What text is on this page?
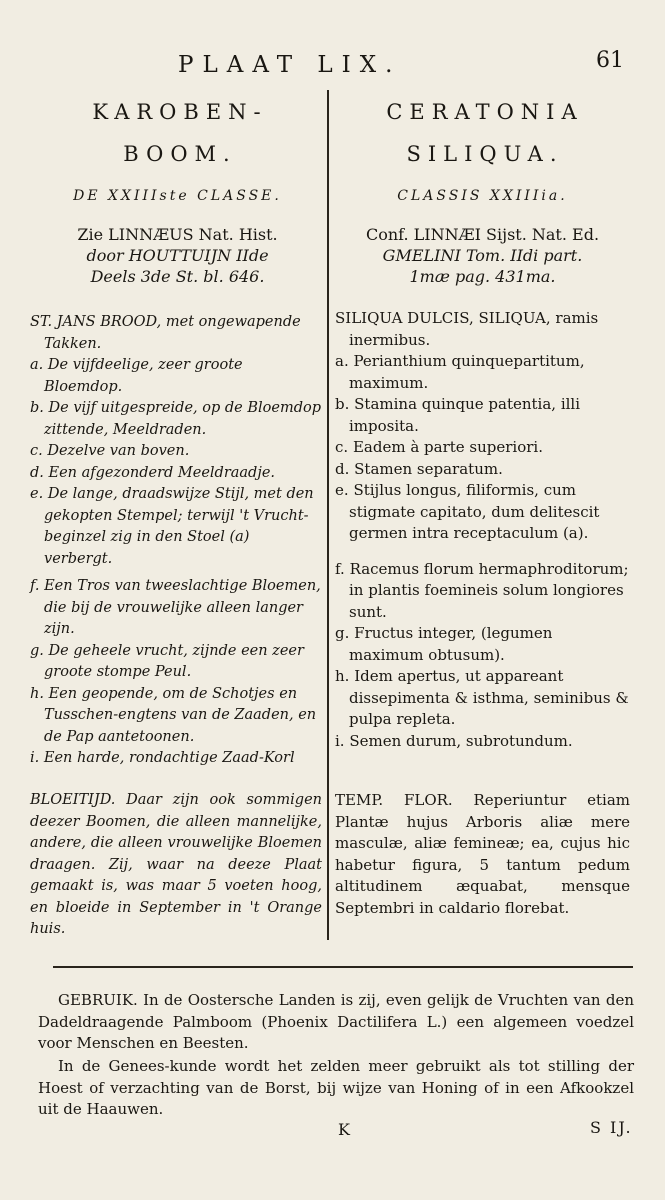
PLAAT LIX.	61
KAROBEN-
BOOM.
DE XXIIIste CLASSE.
Zie LINNÆUS Nat. Hist.
door HOUTTUIJN IIde
Deels 3de St. bl. 646.
CERATONIA
SILIQUA.
CLASSIS XXIIIia.
Conf. LINNÆI Sijst. Nat. Ed.
GMELINI Tom. IIdi part.
1mæ pag. 431ma.
ST. JANS BROOD, met ongewapende Takken.
a. De vijfdeelige, zeer groote Bloemdop.
b. De vijf uitgespreide, op de Bloemdop zittende, Meeldraden.
c. Dezelve van boven.
d. Een afgezonderd Meeldraadje.
e. De lange, draadswijze Stijl, met den gekopten Stempel; terwijl 't Vrucht-beginzel zig in den Stoel (a) verbergt.
f. Een Tros van tweeslachtige Bloemen, die bij de vrouwelijke alleen langer zijn.
g. De geheele vrucht, zijnde een zeer groote stompe Peul.
h. Een geopende, om de Schotjes en Tusschen-engtens van de Zaaden, en de Pap aantetoonen.
i. Een harde, rondachtige Zaad-Korl
SILIQUA DULCIS, SILIQUA, ramis inermibus.
a. Perianthium quinquepartitum, maximum.
b. Stamina quinque patentia, illi imposita.
c. Eadem à parte superiori.
d. Stamen separatum.
e. Stijlus longus, filiformis, cum stigmate capitato, dum delitescit germen intra receptaculum (a).
f. Racemus florum hermaphroditorum; in plantis foemineis solum longiores sunt.
g. Fructus integer, (legumen maximum obtusum).
h. Idem apertus, ut appareant dissepimenta & isthma, seminibus & pulpa repleta.
i. Semen durum, subrotundum.
BLOEITIJD. Daar zijn ook sommigen deezer Boomen, die alleen mannelijke, andere, die alleen vrouwelijke Bloemen draagen. Zij, waar na deeze Plaat gemaakt is, was maar 5 voeten hoog, en bloeide in September in 't Orange huis.
TEMP. FLOR. Reperiuntur etiam Plantæ hujus Arboris aliæ mere masculæ, aliæ femineæ; ea, cujus hic habetur figura, 5 tantum pedum altitudinem æquabat, mensque Septembri in caldario florebat.
GEBRUIK. In de Oostersche Landen is zij, even gelijk de Vruchten van den Dadeldraagende Palmboom (Phoenix Dactilifera L.) een algemeen voedzel voor Menschen en Beesten.
In de Genees-kunde wordt het zelden meer gebruikt als tot stilling der Hoest of verzachting van de Borst, bij wijze van Honing of in een Afkookzel uit de Haauwen.
K	S IJ.
